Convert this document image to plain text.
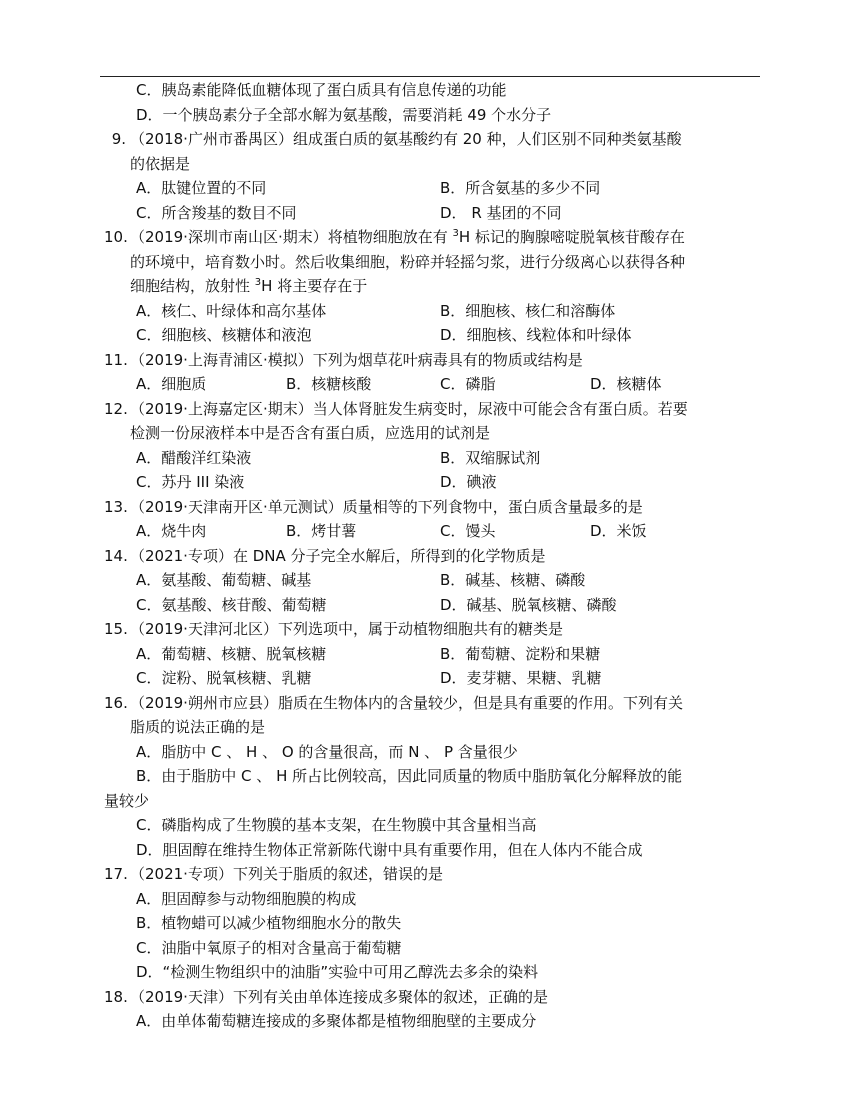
C．胰岛素能降低血糖体现了蛋白质具有信息传递的功能
D．一个胰岛素分子全部水解为氨基酸，需要消耗 49 个水分子
9. （2018·广州市番禺区）组成蛋白质的氨基酸约有 20 种，人们区别不同种类氨基酸
的依据是
A．肽键位置的不同	B．所含氨基的多少不同
C．所含羧基的数目不同	D． R 基团的不同
10. （2019·深圳市南山区·期末）将植物细胞放在有 $^3$H 标记的胸腺嘧啶脱氧核苷酸存在
的环境中，培育数小时。然后收集细胞，粉碎并轻摇匀浆，进行分级离心以获得各种
细胞结构，放射性 $^3$H 将主要存在于
A．核仁、叶绿体和高尔基体	B．细胞核、核仁和溶酶体
C．细胞核、核糖体和液泡	D．细胞核、线粒体和叶绿体
11. （2019·上海青浦区·模拟）下列为烟草花叶病毒具有的物质或结构是
A．细胞质	B．核糖核酸	C．磷脂	D．核糖体
12. （2019·上海嘉定区·期末）当人体肾脏发生病变时，尿液中可能会含有蛋白质。若要
检测一份尿液样本中是否含有蛋白质，应选用的试剂是
A．醋酸洋红染液	B．双缩脲试剂
C．苏丹 III 染液	D．碘液
13. （2019·天津南开区·单元测试）质量相等的下列食物中，蛋白质含量最多的是
A．烧牛肉	B．烤甘薯	C．馒头	D．米饭
14. （2021·专项）在 DNA 分子完全水解后，所得到的化学物质是
A．氨基酸、葡萄糖、碱基	B．碱基、核糖、磷酸
C．氨基酸、核苷酸、葡萄糖	D．碱基、脱氧核糖、磷酸
15. （2019·天津河北区）下列选项中，属于动植物细胞共有的糖类是
A．葡萄糖、核糖、脱氧核糖	B．葡萄糖、淀粉和果糖
C．淀粉、脱氧核糖、乳糖	D．麦芽糖、果糖、乳糖
16. （2019·朔州市应县）脂质在生物体内的含量较少，但是具有重要的作用。下列有关
脂质的说法正确的是
A．脂肪中 C 、 H 、 O 的含量很高，而 N 、 P 含量很少
B．由于脂肪中 C 、 H 所占比例较高，因此同质量的物质中脂肪氧化分解释放的能
量较少
C．磷脂构成了生物膜的基本支架，在生物膜中其含量相当高
D．胆固醇在维持生物体正常新陈代谢中具有重要作用，但在人体内不能合成
17. （2021·专项）下列关于脂质的叙述，错误的是
A．胆固醇参与动物细胞膜的构成
B．植物蜡可以减少植物细胞水分的散失
C．油脂中氧原子的相对含量高于葡萄糖
D．“检测生物组织中的油脂”实验中可用乙醇洗去多余的染料
18. （2019·天津）下列有关由单体连接成多聚体的叙述，正确的是
A．由单体葡萄糖连接成的多聚体都是植物细胞壁的主要成分
